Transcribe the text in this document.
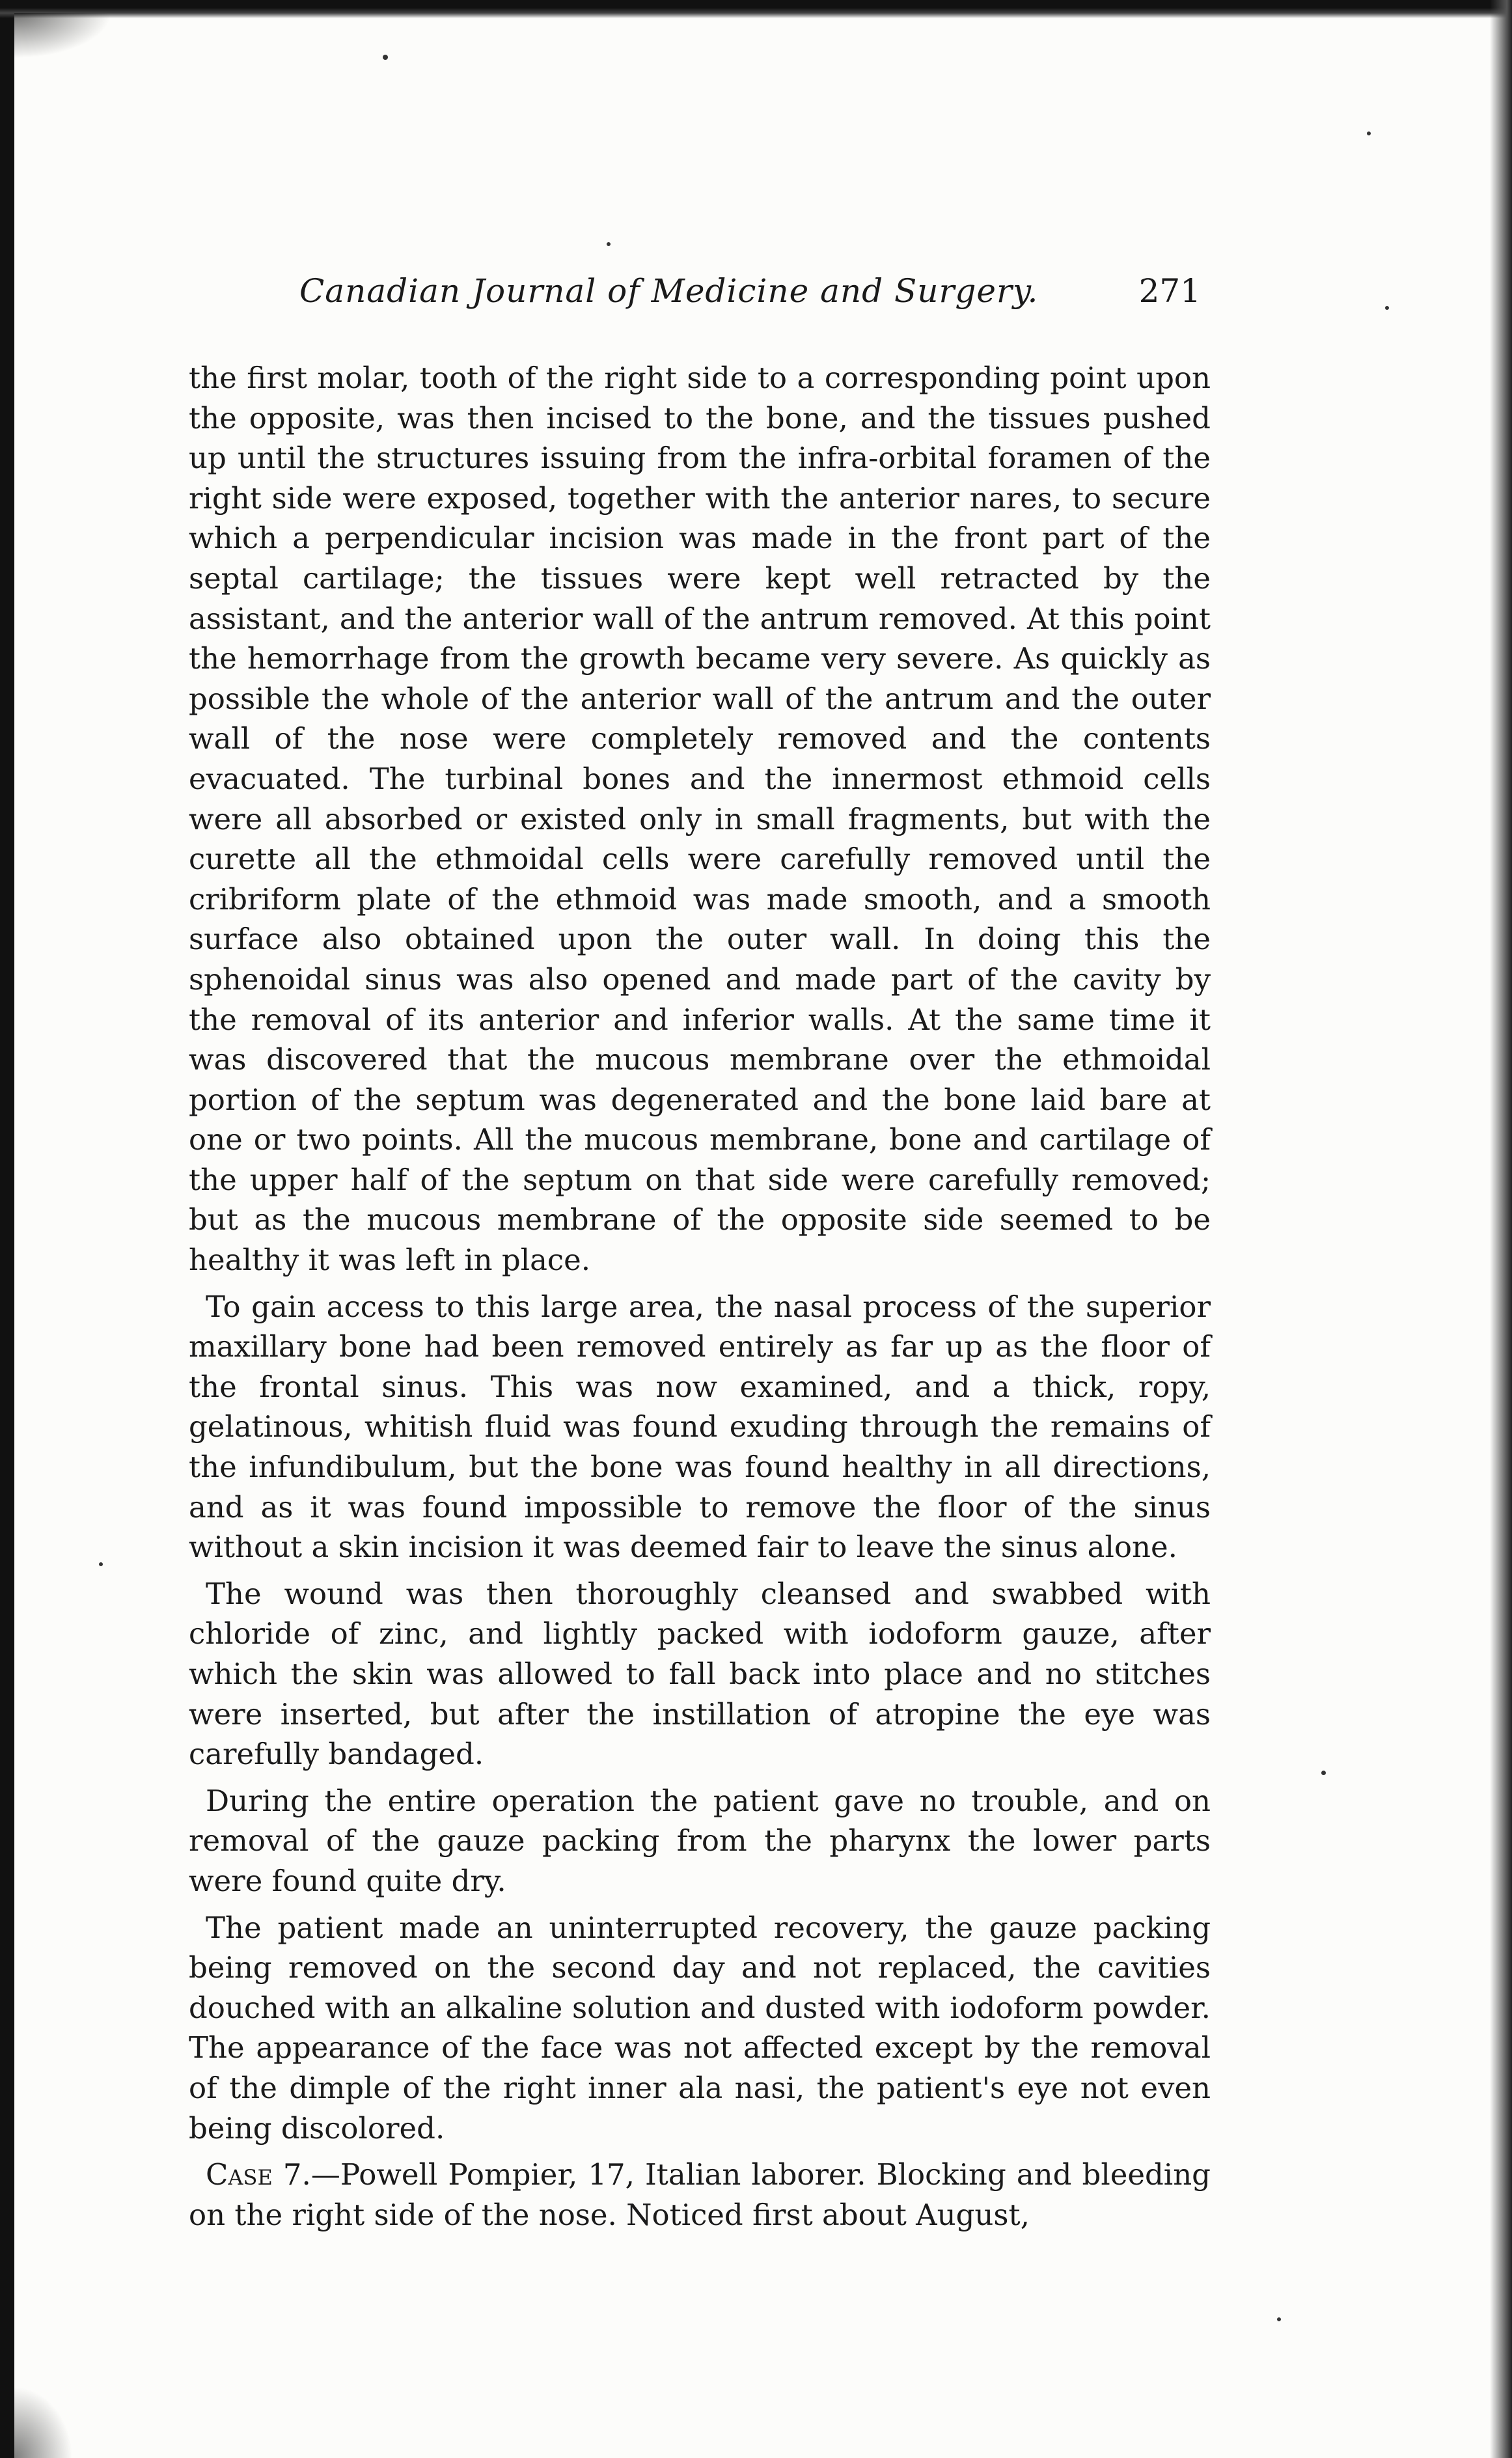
Canadian Journal of Medicine and Surgery.	271

the first molar, tooth of the right side to a corresponding point upon the opposite, was then incised to the bone, and the tissues pushed up until the structures issuing from the infra-orbital foramen of the right side were exposed, together with the anterior nares, to secure which a perpendicular incision was made in the front part of the septal cartilage; the tissues were kept well retracted by the assistant, and the anterior wall of the antrum removed. At this point the hemorrhage from the growth became very severe. As quickly as possible the whole of the anterior wall of the antrum and the outer wall of the nose were completely removed and the contents evacuated. The turbinal bones and the innermost ethmoid cells were all absorbed or existed only in small fragments, but with the curette all the ethmoidal cells were carefully removed until the cribriform plate of the ethmoid was made smooth, and a smooth surface also obtained upon the outer wall. In doing this the sphenoidal sinus was also opened and made part of the cavity by the removal of its anterior and inferior walls. At the same time it was discovered that the mucous membrane over the ethmoidal portion of the septum was degenerated and the bone laid bare at one or two points. All the mucous membrane, bone and cartilage of the upper half of the septum on that side were carefully removed; but as the mucous membrane of the opposite side seemed to be healthy it was left in place.

To gain access to this large area, the nasal process of the superior maxillary bone had been removed entirely as far up as the floor of the frontal sinus. This was now examined, and a thick, ropy, gelatinous, whitish fluid was found exuding through the remains of the infundibulum, but the bone was found healthy in all directions, and as it was found impossible to remove the floor of the sinus without a skin incision it was deemed fair to leave the sinus alone.

The wound was then thoroughly cleansed and swabbed with chloride of zinc, and lightly packed with iodoform gauze, after which the skin was allowed to fall back into place and no stitches were inserted, but after the instillation of atropine the eye was carefully bandaged.

During the entire operation the patient gave no trouble, and on removal of the gauze packing from the pharynx the lower parts were found quite dry.

The patient made an uninterrupted recovery, the gauze packing being removed on the second day and not replaced, the cavities douched with an alkaline solution and dusted with iodoform powder. The appearance of the face was not affected except by the removal of the dimple of the right inner ala nasi, the patient's eye not even being discolored.

Case 7.—Powell Pompier, 17, Italian laborer. Blocking and bleeding on the right side of the nose. Noticed first about August,
